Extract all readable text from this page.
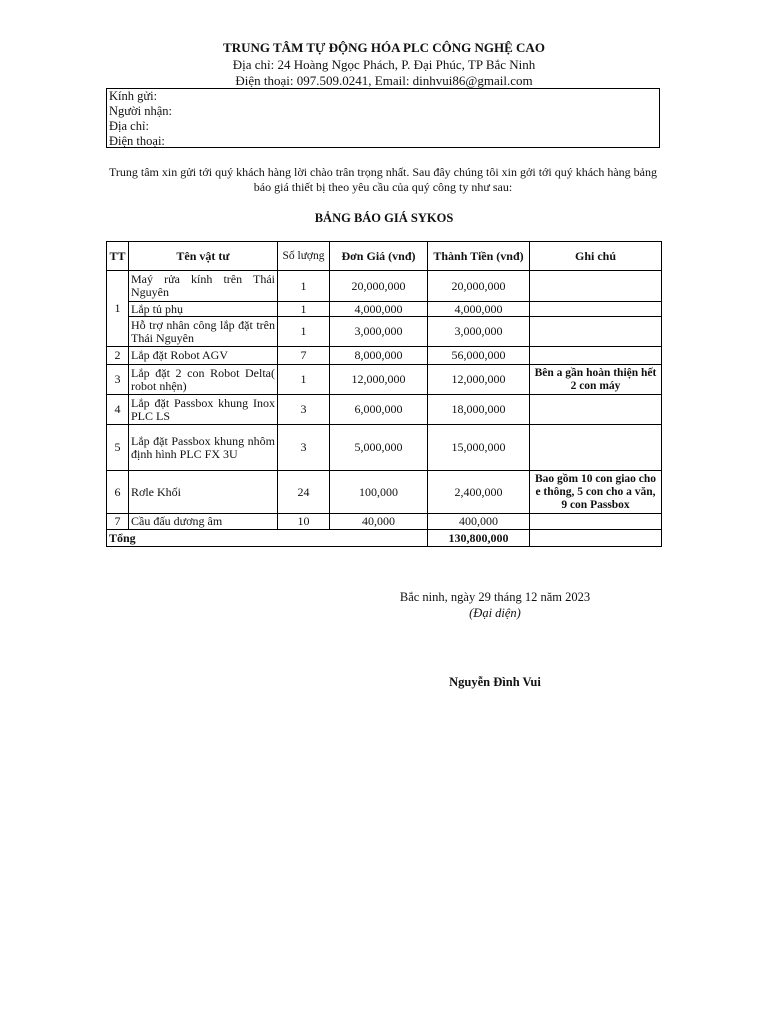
TRUNG TÂM TỰ ĐỘNG HÓA PLC CÔNG NGHỆ CAO
Địa chỉ: 24 Hoàng Ngọc Phách, P. Đại Phúc, TP Bắc Ninh
Điện thoại: 097.509.0241, Email: dinhvui86@gmail.com
Kính gửi:
Người nhận:
Địa chỉ:
Điện thoại:
Trung tâm xin gửi tới quý khách hàng lời chào trân trọng nhất. Sau đây chúng tôi xin gởi tới quý khách hàng bảng báo giá thiết bị theo yêu cầu của quý công ty như sau:
BẢNG BÁO GIÁ SYKOS
TT	Tên vật tư	Số lượng	Đơn Giá (vnđ)	Thành Tiền (vnđ)	Ghi chú
1	Maý rửa kính trên Thái Nguyên	1	20,000,000	20,000,000	
	Lắp tủ phụ	1	4,000,000	4,000,000	
	Hỗ trợ nhân công lắp đặt trên Thái Nguyên	1	3,000,000	3,000,000	
2	Lắp đặt Robot AGV	7	8,000,000	56,000,000	
3	Lắp đặt 2 con Robot Delta( robot nhện)	1	12,000,000	12,000,000	Bên a gần hoàn thiện hết 2 con máy
4	Lắp đặt Passbox khung Inox PLC LS	3	6,000,000	18,000,000	
5	Lắp đặt Passbox khung nhôm định hình PLC FX 3U	3	5,000,000	15,000,000	
6	Rơle Khối	24	100,000	2,400,000	Bao gồm 10 con giao cho e thông, 5 con cho a văn, 9 con Passbox
7	Cầu đấu dương âm	10	40,000	400,000	
Tổng				130,800,000	
Bắc ninh, ngày 29 tháng 12 năm 2023
(Đại diện)
Nguyễn Đình Vui
